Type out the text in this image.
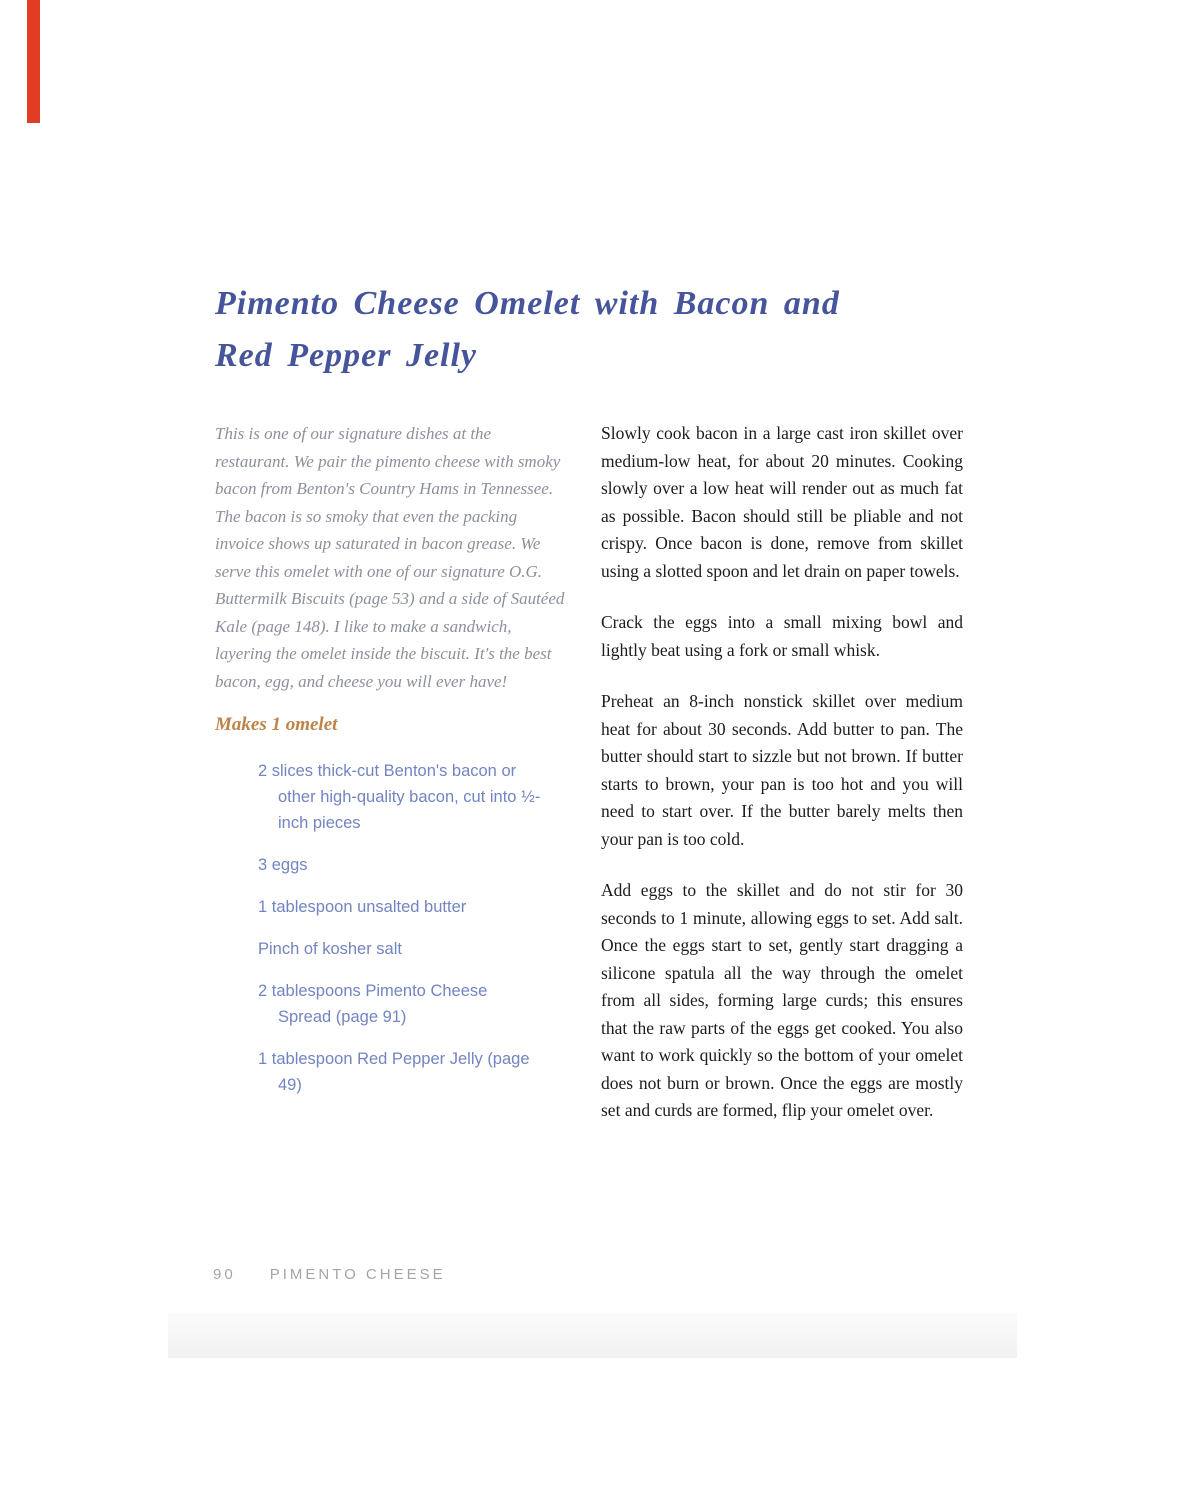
Pimento Cheese Omelet with Bacon and Red Pepper Jelly

This is one of our signature dishes at the restaurant. We pair the pimento cheese with smoky bacon from Benton's Country Hams in Tennessee. The bacon is so smoky that even the packing invoice shows up saturated in bacon grease. We serve this omelet with one of our signature O.G. Buttermilk Biscuits (page 53) and a side of Sautéed Kale (page 148). I like to make a sandwich, layering the omelet inside the biscuit. It's the best bacon, egg, and cheese you will ever have!

Makes 1 omelet
2 slices thick-cut Benton's bacon or other high-quality bacon, cut into ½-inch pieces
3 eggs
1 tablespoon unsalted butter
Pinch of kosher salt
2 tablespoons Pimento Cheese Spread (page 91)
1 tablespoon Red Pepper Jelly (page 49)

Slowly cook bacon in a large cast iron skillet over medium-low heat, for about 20 minutes. Cooking slowly over a low heat will render out as much fat as possible. Bacon should still be pliable and not crispy. Once bacon is done, remove from skillet using a slotted spoon and let drain on paper towels.

Crack the eggs into a small mixing bowl and lightly beat using a fork or small whisk.

Preheat an 8-inch nonstick skillet over medium heat for about 30 seconds. Add butter to pan. The butter should start to sizzle but not brown. If butter starts to brown, your pan is too hot and you will need to start over. If the butter barely melts then your pan is too cold.

Add eggs to the skillet and do not stir for 30 seconds to 1 minute, allowing eggs to set. Add salt. Once the eggs start to set, gently start dragging a silicone spatula all the way through the omelet from all sides, forming large curds; this ensures that the raw parts of the eggs get cooked. You also want to work quickly so the bottom of your omelet does not burn or brown. Once the eggs are mostly set and curds are formed, flip your omelet over.

90 PIMENTO CHEESE
